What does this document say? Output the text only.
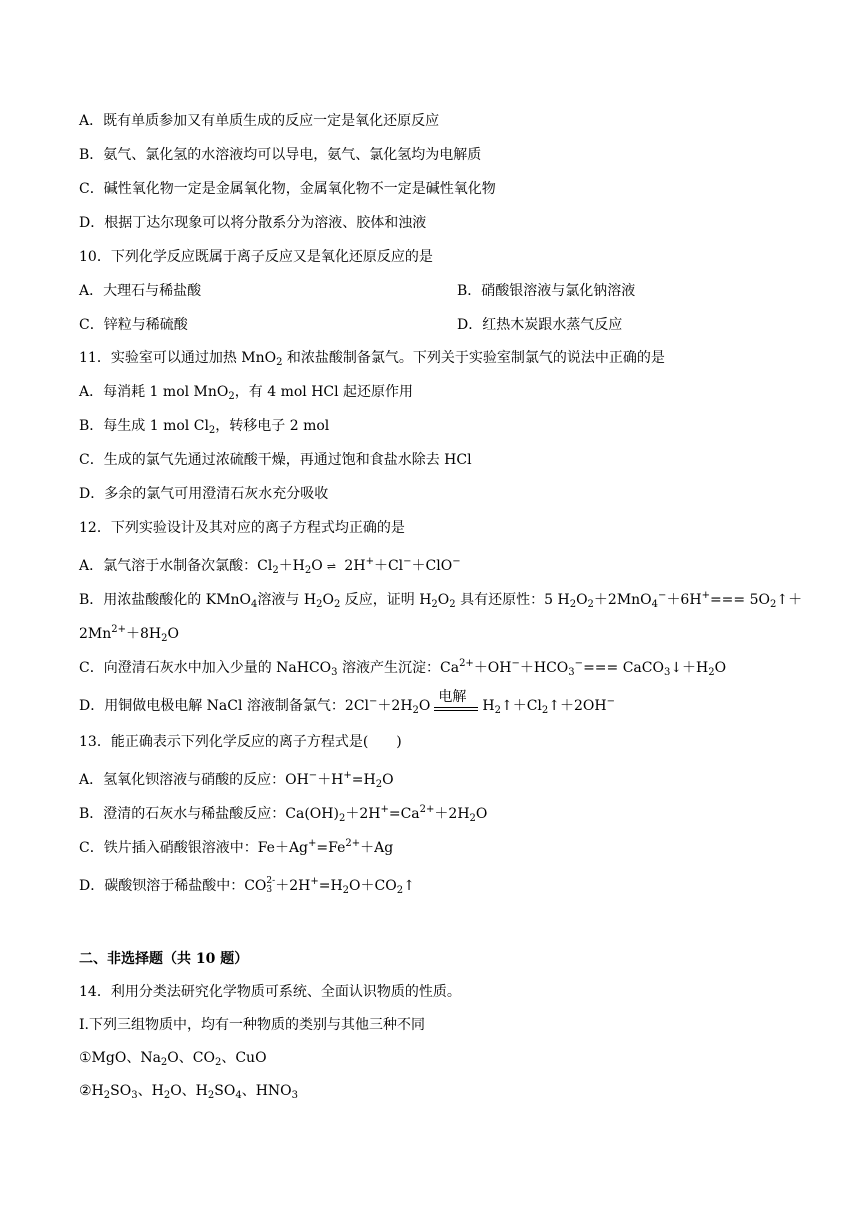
A．既有单质参加又有单质生成的反应一定是氧化还原反应
B．氨气、氯化氢的水溶液均可以导电，氨气、氯化氢均为电解质
C．碱性氧化物一定是金属氧化物，金属氧化物不一定是碱性氧化物
D．根据丁达尔现象可以将分散系分为溶液、胶体和浊液
10．下列化学反应既属于离子反应又是氧化还原反应的是
A．大理石与稀盐酸	B．硝酸银溶液与氯化钠溶液
C．锌粒与稀硫酸	D．红热木炭跟水蒸气反应
11．实验室可以通过加热 MnO$_2$ 和浓盐酸制备氯气。下列关于实验室制氯气的说法中正确的是
A．每消耗 1 mol MnO$_2$，有 4 mol HCl 起还原作用
B．每生成 1 mol $Cl_2$，转移电子 2 mol
C．生成的氯气先通过浓硫酸干燥，再通过饱和食盐水除去 HCl
D．多余的氯气可用澄清石灰水充分吸收
12．下列实验设计及其对应的离子方程式均正确的是
A．氯气溶于水制备次氯酸：$Cl_2+H_2O$ ⇌ 2H+＋Cl−＋ClO−
B．用浓盐酸酸化的 KMnO$_4$溶液与 $H_2O_2$ 反应，证明 $H_2O_2$ 具有还原性：5 $H_2O_2+2MnO_4^-+6H^+===$ $5O_2↑+$
$2Mn^{2+}+8H_2O$
C．向澄清石灰水中加入少量的 NaHCO$_3$ 溶液产生沉淀：$Ca^{2+}+OH^-+HCO_3^-===$ $CaCO_3↓+H_2O$
D．用铜做电极电解 NaCl 溶液制备氯气：$2Cl^-+2H_2O$
电解
$H_2↑+Cl_2↑+2OH^-$
13．能正确表示下列化学反应的离子方程式是(　　)
A．氢氧化钡溶液与硝酸的反应：$OH^-+H^+=H_2O$
B．澄清的石灰水与稀盐酸反应：$Ca(OH)_2+2H^+=Ca^{2+}+2H_2O$
C．铁片插入硝酸银溶液中：$Fe+Ag^+=Fe^{2+}+Ag$
D．碳酸钡溶于稀盐酸中：CO 2-
$3 +2H^+=H_2O+CO_2↑$
二、非选择题（共 10 题）
14．利用分类法研究化学物质可系统、全面认识物质的性质。
I.下列三组物质中，均有一种物质的类别与其他三种不同
①MgO、$Na_2O$、$CO_2$、CuO
$②H_2SO_3$、$H_2O$、$H_2SO_4$、$HNO_3$
